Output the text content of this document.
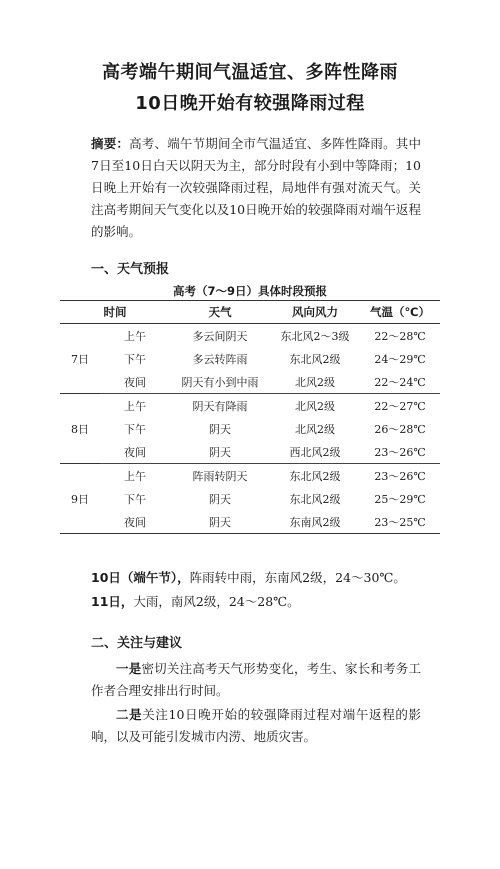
高考端午期间气温适宜、多阵性降雨
10日晚开始有较强降雨过程
摘要：高考、端午节期间全市气温适宜、多阵性降雨。其中7日至10日白天以阴天为主，部分时段有小到中等降雨；10日晚上开始有一次较强降雨过程，局地伴有强对流天气。关注高考期间天气变化以及10日晚开始的较强降雨对端午返程的影响。
一、天气预报
高考（7～9日）具体时段预报
时间		天气	风向风力	气温（℃）
7日	上午	多云间阴天	东北风2～3级	22～28℃
	下午	多云转阵雨	东北风2级	24～29℃
	夜间	阴天有小到中雨	北风2级	22～24℃
8日	上午	阴天有降雨	北风2级	22～27℃
	下午	阴天	北风2级	26～28℃
	夜间	阴天	西北风2级	23～26℃
9日	上午	阵雨转阴天	东北风2级	23～26℃
	下午	阴天	东北风2级	25～29℃
	夜间	阴天	东南风2级	23～25℃
10日（端午节），阵雨转中雨，东南风2级，24～30℃。
11日，大雨，南风2级，24～28℃。
二、关注与建议
一是密切关注高考天气形势变化，考生、家长和考务工作者合理安排出行时间。
二是关注10日晚开始的较强降雨过程对端午返程的影响，以及可能引发城市内涝、地质灾害。
